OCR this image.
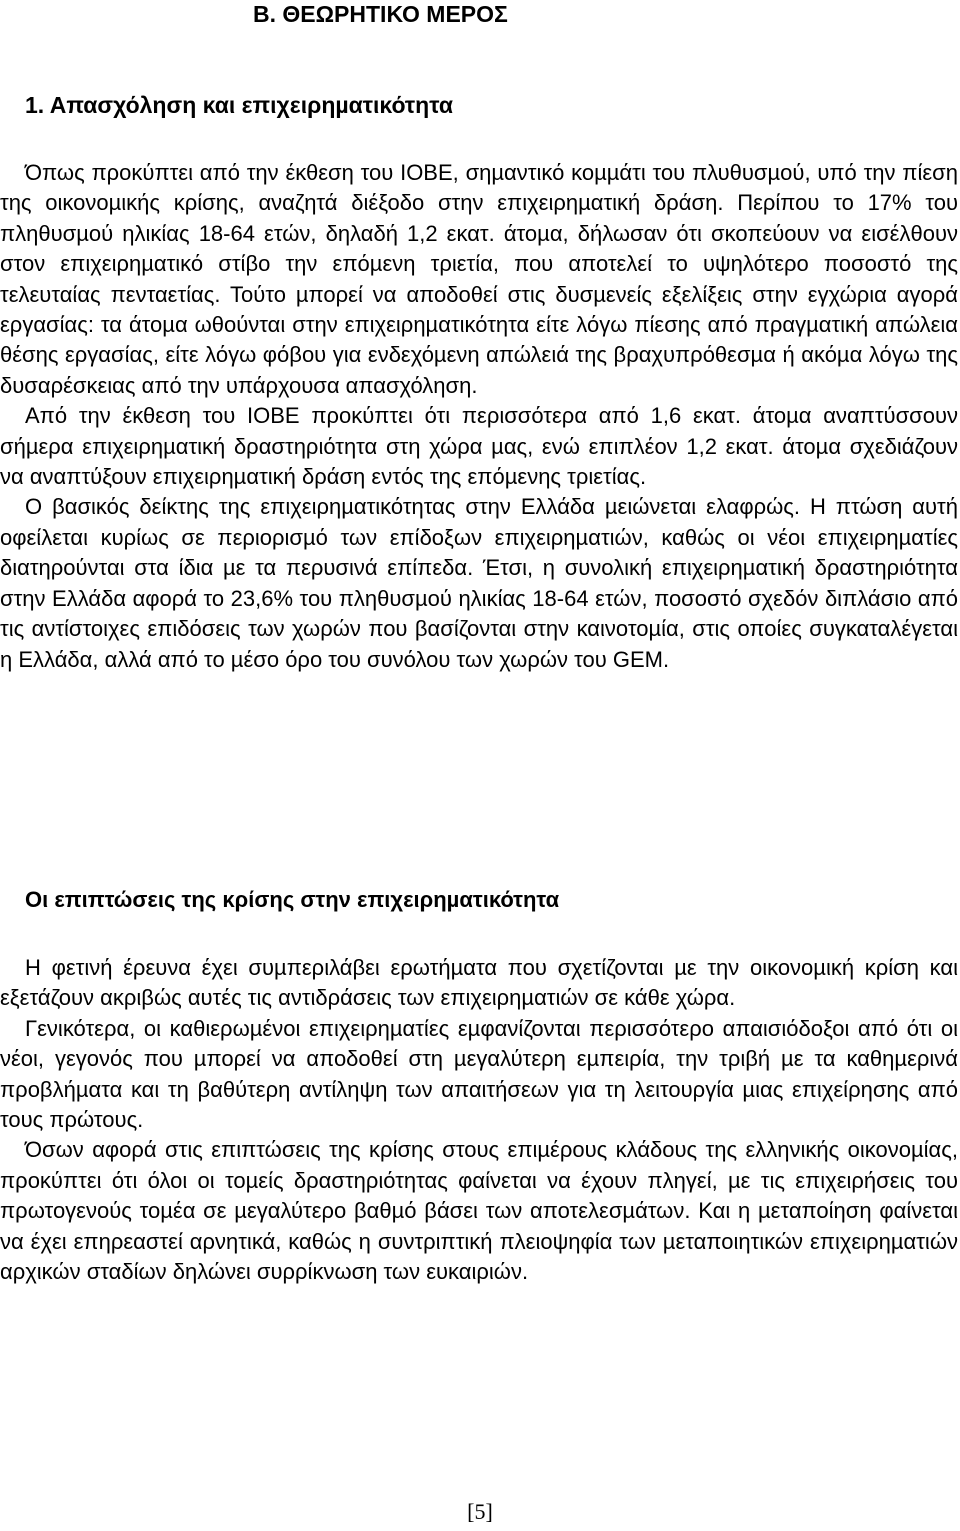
Β. ΘΕΩΡΗΤΙΚΟ ΜΕΡΟΣ
1. Απασχόληση και επιχειρηµατικότητα

Όπως προκύπτει από την έκθεση του ΙΟΒΕ, σηµαντικό κοµµάτι του πλυθυσµού, υπό την πίεση της οικονοµικής κρίσης, αναζητά διέξοδο στην επιχειρηµατική δράση. Περίπου το 17% του πληθυσµού ηλικίας 18-64 ετών, δηλαδή 1,2 εκατ. άτοµα, δήλωσαν ότι σκοπεύουν να εισέλθουν στον επιχειρηµατικό στίβο την επόµενη τριετία, που αποτελεί το υψηλότερο ποσοστό της τελευταίας πενταετίας. Τούτο µπορεί να αποδοθεί στις δυσµενείς εξελίξεις στην εγχώρια αγορά εργασίας: τα άτοµα ωθούνται στην επιχειρηµατικότητα είτε λόγω πίεσης από πραγµατική απώλεια θέσης εργασίας, είτε λόγω φόβου για ενδεχόµενη απώλειά της βραχυπρόθεσµα ή ακόµα λόγω της δυσαρέσκειας από την υπάρχουσα απασχόληση.

Από την έκθεση του ΙΟΒΕ προκύπτει ότι περισσότερα από 1,6 εκατ. άτοµα αναπτύσσουν σήµερα επιχειρηµατική δραστηριότητα στη χώρα µας, ενώ επιπλέον 1,2 εκατ. άτοµα σχεδιάζουν να αναπτύξουν επιχειρηµατική δράση εντός της επόµενης τριετίας.

Ο βασικός δείκτης της επιχειρηµατικότητας στην Ελλάδα µειώνεται ελαφρώς. Η πτώση αυτή οφείλεται κυρίως σε περιορισµό των επίδοξων επιχειρηµατιών, καθώς οι νέοι επιχειρηµατίες διατηρούνται στα ίδια µε τα περυσινά επίπεδα. Έτσι, η συνολική επιχειρηµατική δραστηριότητα στην Ελλάδα αφορά το 23,6% του πληθυσµού ηλικίας 18-64 ετών, ποσοστό σχεδόν διπλάσιο από τις αντίστοιχες επιδόσεις των χωρών που βασίζονται στην καινοτοµία, στις οποίες συγκαταλέγεται η Ελλάδα, αλλά από το µέσο όρο του συνόλου των χωρών του GEM.

Οι επιπτώσεις της κρίσης στην επιχειρηµατικότητα

Η φετινή έρευνα έχει συµπεριλάβει ερωτήµατα που σχετίζονται µε την οικονοµική κρίση και εξετάζουν ακριβώς αυτές τις αντιδράσεις των επιχειρηµατιών σε κάθε χώρα.

Γενικότερα, οι καθιερωµένοι επιχειρηµατίες εµφανίζονται περισσότερο απαισιόδοξοι από ότι οι νέοι, γεγονός που µπορεί να αποδοθεί στη µεγαλύτερη εµπειρία, την τριβή µε τα καθηµερινά προβλήµατα και τη βαθύτερη αντίληψη των απαιτήσεων για τη λειτουργία µιας επιχείρησης από τους πρώτους.

Όσων αφορά στις επιπτώσεις της κρίσης στους επιµέρους κλάδους της ελληνικής οικονοµίας, προκύπτει ότι όλοι οι τοµείς δραστηριότητας φαίνεται να έχουν πληγεί, µε τις επιχειρήσεις του πρωτογενούς τοµέα σε µεγαλύτερο βαθµό βάσει των αποτελεσµάτων. Και η µεταποίηση φαίνεται να έχει επηρεαστεί αρνητικά, καθώς η συντριπτική πλειοψηφία των µεταποιητικών επιχειρηµατιών αρχικών σταδίων δηλώνει συρρίκνωση των ευκαιριών.

[5]
